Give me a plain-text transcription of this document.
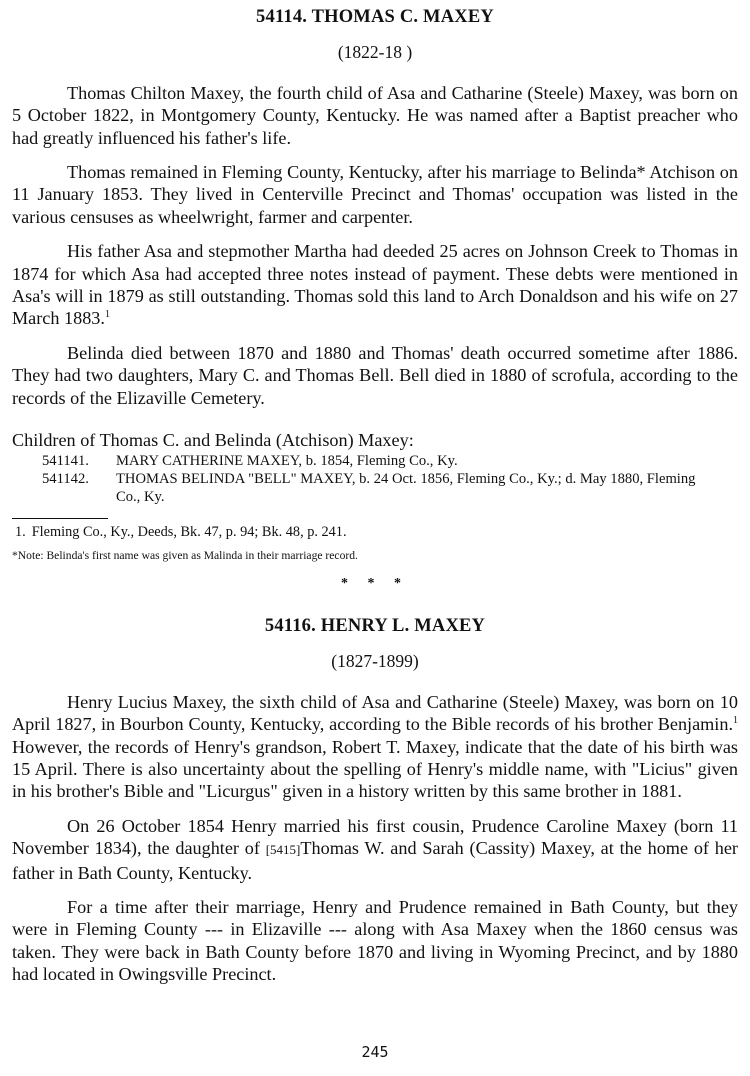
54114. THOMAS C. MAXEY
(1822-18 )

Thomas Chilton Maxey, the fourth child of Asa and Catharine (Steele) Maxey, was born on 5 October 1822, in Montgomery County, Kentucky. He was named after a Baptist preacher who had greatly influenced his father's life.

Thomas remained in Fleming County, Kentucky, after his marriage to Belinda* Atchison on 11 January 1853. They lived in Centerville Precinct and Thomas' occupation was listed in the various censuses as wheelwright, farmer and carpenter.

His father Asa and stepmother Martha had deeded 25 acres on Johnson Creek to Thomas in 1874 for which Asa had accepted three notes instead of payment. These debts were mentioned in Asa's will in 1879 as still outstanding. Thomas sold this land to Arch Donaldson and his wife on 27 March 1883.$^1$

Belinda died between 1870 and 1880 and Thomas' death occurred sometime after 1886. They had two daughters, Mary C. and Thomas Bell. Bell died in 1880 of scrofula, according to the records of the Elizaville Cemetery.

Children of Thomas C. and Belinda (Atchison) Maxey:
541141. MARY CATHERINE MAXEY, b. 1854, Fleming Co., Ky.
541142. THOMAS BELINDA "BELL" MAXEY, b. 24 Oct. 1856, Fleming Co., Ky.; d. May 1880, Fleming
Co., Ky.
1. Fleming Co., Ky., Deeds, Bk. 47, p. 94; Bk. 48, p. 241.
*Note: Belinda's first name was given as Malinda in their marriage record.
* * *
54116. HENRY L. MAXEY
(1827-1899)

Henry Lucius Maxey, the sixth child of Asa and Catharine (Steele) Maxey, was born on 10 April 1827, in Bourbon County, Kentucky, according to the Bible records of his brother Benjamin.$^1$ However, the records of Henry's grandson, Robert T. Maxey, indicate that the date of his birth was 15 April. There is also uncertainty about the spelling of Henry's middle name, with "Licius" given in his brother's Bible and "Licurgus" given in a history written by this same brother in 1881.

On 26 October 1854 Henry married his first cousin, Prudence Caroline Maxey (born 11 November 1834), the daughter of [5415]Thomas W. and Sarah (Cassity) Maxey, at the home of her father in Bath County, Kentucky.

For a time after their marriage, Henry and Prudence remained in Bath County, but they were in Fleming County --- in Elizaville --- along with Asa Maxey when the 1860 census was taken. They were back in Bath County before 1870 and living in Wyoming Precinct, and by 1880 had located in Owingsville Precinct.

245
